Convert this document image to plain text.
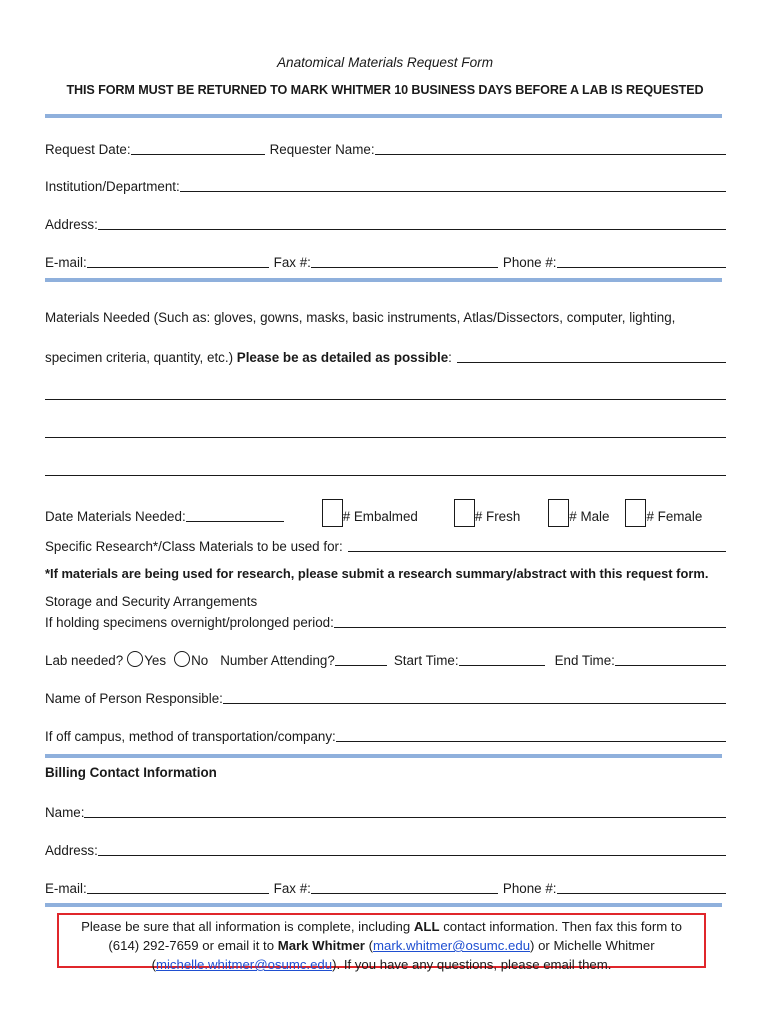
Anatomical Materials Request Form
THIS FORM MUST BE RETURNED TO MARK WHITMER 10 BUSINESS DAYS BEFORE A LAB IS REQUESTED
Request Date:	Requester Name:
Institution/Department:
Address:
E-mail:	Fax #:	Phone #:
Materials Needed (Such as: gloves, gowns, masks, basic instruments, Atlas/Dissectors, computer, lighting,
specimen criteria, quantity, etc.) Please be as detailed as possible:
Date Materials Needed:	# Embalmed	# Fresh	# Male	# Female
Specific Research*/Class Materials to be used for:
*If materials are being used for research, please submit a research summary/abstract with this request form.
Storage and Security Arrangements
If holding specimens overnight/prolonged period:
Lab needed?	Yes	No Number Attending?	Start Time:	End Time:
Name of Person Responsible:
If off campus, method of transportation/company:
Billing Contact Information
Name:
Address:
E-mail:	Fax #:	Phone #:
Please be sure that all information is complete, including ALL contact information. Then fax this form to
(614) 292-7659 or email it to Mark Whitmer (mark.whitmer@osumc.edu) or Michelle Whitmer
(michelle.whitmer@osumc.edu). If you have any questions, please email them.
